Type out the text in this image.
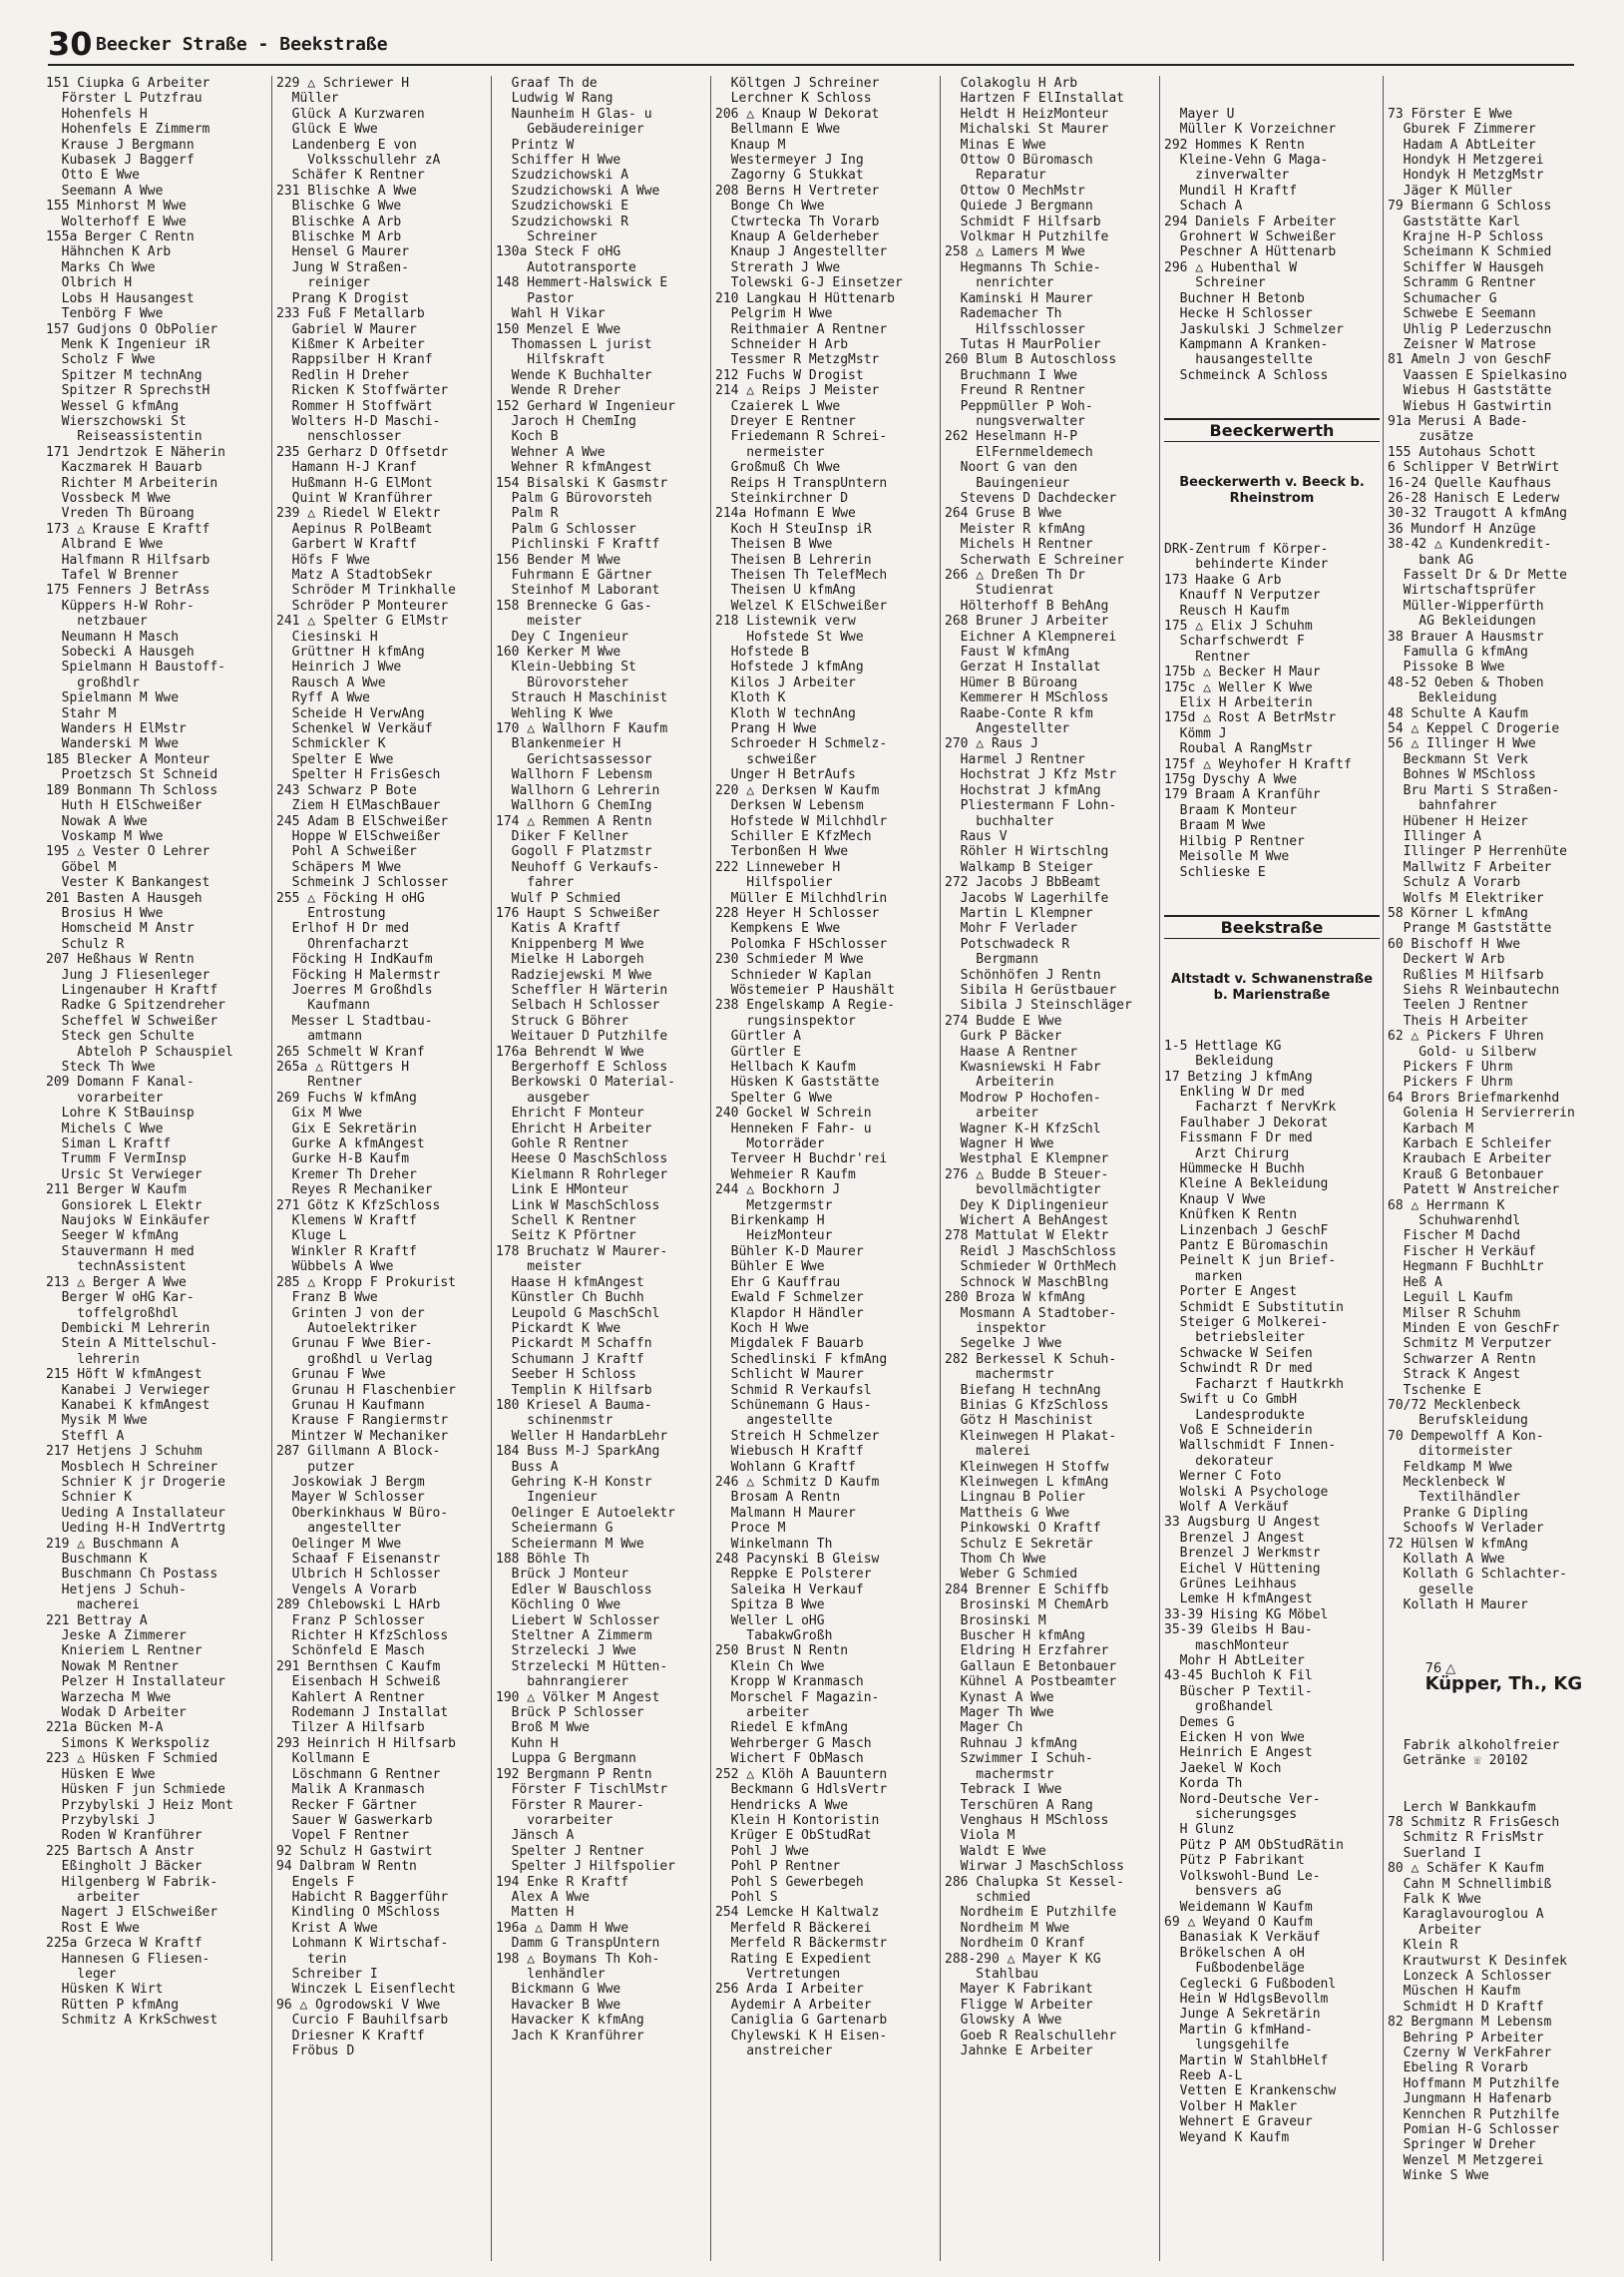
30 Beecker Straße - Beekstraße
151 Ciupka G Arbeiter
Förster L Putzfrau
Hohenfels H
Hohenfels E Zimmerm
Krause J Bergmann
Kubasek J Baggerf
Otto E Wwe
Seemann A Wwe
155 Minhorst M Wwe
Wolterhoff E Wwe
155a Berger C Rentn
Hähnchen K Arb
Marks Ch Wwe
Olbrich H
Lobs H Hausangest
Tenbörg F Wwe
157 Gudjons O ObPolier
Menk K Ingenieur iR
Scholz F Wwe
Spitzer M technAng
Spitzer R SprechstH
Wessel G kfmAng
Wierszchowski St
Reiseassistentin
171 Jendrtzok E Näherin
Kaczmarek H Bauarb
Richter M Arbeiterin
Vossbeck M Wwe
Vreden Th Büroang
173 △ Krause E Kraftf
Albrand E Wwe
Halfmann R Hilfsarb
Tafel W Brenner
175 Fenners J BetrAss
Küppers H-W Rohr-
netzbauer
Neumann H Masch
Sobecki A Hausgeh
Spielmann H Baustoff-
großhdlr
Spielmann M Wwe
Stahr M
Wanders H ElMstr
Wanderski M Wwe
185 Blecker A Monteur
Proetzsch St Schneid
189 Bonmann Th Schloss
Huth H ElSchweißer
Nowak A Wwe
Voskamp M Wwe
195 △ Vester O Lehrer
Göbel M
Vester K Bankangest
201 Basten A Hausgeh
Brosius H Wwe
Homscheid M Anstr
Schulz R
207 Heßhaus W Rentn
Jung J Fliesenleger
Lingenauber H Kraftf
Radke G Spitzendreher
Scheffel W Schweißer
Steck gen Schulte
Abteloh P Schauspiel
Steck Th Wwe
209 Domann F Kanal-
vorarbeiter
Lohre K StBauinsp
Michels C Wwe
Siman L Kraftf
Trumm F VermInsp
Ursic St Verwieger
211 Berger W Kaufm
Gonsiorek L Elektr
Naujoks W Einkäufer
Seeger W kfmAng
Stauvermann H med
technAssistent
213 △ Berger A Wwe
Berger W oHG Kar-
toffelgroßhdl
Dembicki M Lehrerin
Stein A Mittelschul-
lehrerin
215 Höft W kfmAngest
Kanabei J Verwieger
Kanabei K kfmAngest
Mysik M Wwe
Steffl A
217 Hetjens J Schuhm
Mosblech H Schreiner
Schnier K jr Drogerie
Schnier K
Ueding A Installateur
Ueding H-H IndVertrtg
219 △ Buschmann A
Buschmann K
Buschmann Ch Postass
Hetjens J Schuh-
macherei
221 Bettray A
Jeske A Zimmerer
Knieriem L Rentner
Nowak M Rentner
Pelzer H Installateur
Warzecha M Wwe
Wodak D Arbeiter
221a Bücken M-A
Simons K Werkspoliz
223 △ Hüsken F Schmied
Hüsken E Wwe
Hüsken F jun Schmiede
Przybylski J Heiz Mont
Przybylski J
Roden W Kranführer
225 Bartsch A Anstr
Eßingholt J Bäcker
Hilgenberg W Fabrik-
arbeiter
Nagert J ElSchweißer
Rost E Wwe
225a Grzeca W Kraftf
Hannesen G Fliesen-
leger
Hüsken K Wirt
Rütten P kfmAng
Schmitz A KrkSchwest
229 △ Schriewer H
Müller
Glück A Kurzwaren
Glück E Wwe
Landenberg E von
Volksschullehr zA
Schäfer K Rentner
231 Blischke A Wwe
Blischke G Wwe
Blischke A Arb
Blischke M Arb
Hensel G Maurer
Jung W Straßen-
reiniger
Prang K Drogist
233 Fuß F Metallarb
Gabriel W Maurer
Kißmer K Arbeiter
Rappsilber H Kranf
Redlin H Dreher
Ricken K Stoffwärter
Rommer H Stoffwärt
Wolters H-D Maschi-
nenschlosser
235 Gerharz D Offsetdr
Hamann H-J Kranf
Hußmann H-G ElMont
Quint W Kranführer
239 △ Riedel W Elektr
Aepinus R PolBeamt
Garbert W Kraftf
Höfs F Wwe
Matz A StadtobSekr
Schröder M Trinkhalle
Schröder P Monteurer
241 △ Spelter G ElMstr
Ciesinski H
Grüttner H kfmAng
Heinrich J Wwe
Rausch A Wwe
Ryff A Wwe
Scheide H VerwAng
Schenkel W Verkäuf
Schmickler K
Spelter E Wwe
Spelter H FrisGesch
243 Schwarz P Bote
Ziem H ElMaschBauer
245 Adam B ElSchweißer
Hoppe W ElSchweißer
Pohl A Schweißer
Schäpers M Wwe
Schmeink J Schlosser
255 △ Föcking H oHG
Entrostung
Erlhof H Dr med
Ohrenfacharzt
Föcking H IndKaufm
Föcking H Malermstr
Joerres M Großhdls
Kaufmann
Messer L Stadtbau-
amtmann
265 Schmelt W Kranf
265a △ Rüttgers H
Rentner
269 Fuchs W kfmAng
Gix M Wwe
Gix E Sekretärin
Gurke A kfmAngest
Gurke H-B Kaufm
Kremer Th Dreher
Reyes R Mechaniker
271 Götz K KfzSchloss
Klemens W Kraftf
Kluge L
Winkler R Kraftf
Wübbels A Wwe
285 △ Kropp F Prokurist
Franz B Wwe
Grinten J von der
Autoelektriker
Grunau F Wwe Bier-
großhdl u Verlag
Grunau F Wwe
Grunau H Flaschenbier
Grunau H Kaufmann
Krause F Rangiermstr
Mintzer W Mechaniker
287 Gillmann A Block-
putzer
Joskowiak J Bergm
Mayer W Schlosser
Oberkinkhaus W Büro-
angestellter
Oelinger M Wwe
Schaaf F Eisenanstr
Ulbrich H Schlosser
Vengels A Vorarb
289 Chlebowski L HArb
Franz P Schlosser
Richter H KfzSchloss
Schönfeld E Masch
291 Bernthsen C Kaufm
Eisenbach H Schweiß
Kahlert A Rentner
Rodemann J Installat
Tilzer A Hilfsarb
293 Heinrich H Hilfsarb
Kollmann E
Löschmann G Rentner
Malik A Kranmasch
Recker F Gärtner
Sauer W Gaswerkarb
Vopel F Rentner
92 Schulz H Gastwirt
94 Dalbram W Rentn
Engels F
Habicht R Baggerführ
Kindling O MSchloss
Krist A Wwe
Lohmann K Wirtschaf-
terin
Schreiber I
Winczek L Eisenflecht
96 △ Ogrodowski V Wwe
Curcio F Bauhilfsarb
Driesner K Kraftf
Fröbus D
Graaf Th de
Ludwig W Rang
Naunheim H Glas- u
Gebäudereiniger
Printz W
Schiffer H Wwe
Szudzichowski A
Szudzichowski A Wwe
Szudzichowski E
Szudzichowski R
Schreiner
130a Steck F oHG
Autotransporte
148 Hemmert-Halswick E
Pastor
Wahl H Vikar
150 Menzel E Wwe
Thomassen L jurist
Hilfskraft
Wende K Buchhalter
Wende R Dreher
152 Gerhard W Ingenieur
Jaroch H ChemIng
Koch B
Wehner A Wwe
Wehner R kfmAngest
154 Bisalski K Gasmstr
Palm G Bürovorsteh
Palm R
Palm G Schlosser
Pichlinski F Kraftf
156 Bender M Wwe
Fuhrmann E Gärtner
Steinhof M Laborant
158 Brennecke G Gas-
meister
Dey C Ingenieur
160 Kerker M Wwe
Klein-Uebbing St
Bürovorsteher
Strauch H Maschinist
Wehling K Wwe
170 △ Wallhorn F Kaufm
Blankenmeier H
Gerichtsassessor
Wallhorn F Lebensm
Wallhorn G Lehrerin
Wallhorn G ChemIng
174 △ Remmen A Rentn
Diker F Kellner
Gogoll F Platzmstr
Neuhoff G Verkaufs-
fahrer
Wulf P Schmied
176 Haupt S Schweißer
Katis A Kraftf
Knippenberg M Wwe
Mielke H Laborgeh
Radziejewski M Wwe
Scheffler H Wärterin
Selbach H Schlosser
Struck G Böhrer
Weitauer D Putzhilfe
176a Behrendt W Wwe
Bergerhoff E Schloss
Berkowski O Material-
ausgeber
Ehricht F Monteur
Ehricht H Arbeiter
Gohle R Rentner
Heese O MaschSchloss
Kielmann R Rohrleger
Link E HMonteur
Link W MaschSchloss
Schell K Rentner
Seitz K Pförtner
178 Bruchatz W Maurer-
meister
Haase H kfmAngest
Künstler Ch Buchh
Leupold G MaschSchl
Pickardt K Wwe
Pickardt M Schaffn
Schumann J Kraftf
Seeber H Schloss
Templin K Hilfsarb
180 Kriesel A Bauma-
schinenmstr
Weller H HandarbLehr
184 Buss M-J SparkAng
Buss A
Gehring K-H Konstr
Ingenieur
Oelinger E Autoelektr
Scheiermann G
Scheiermann M Wwe
188 Böhle Th
Brück J Monteur
Edler W Bauschloss
Köchling O Wwe
Liebert W Schlosser
Steltner A Zimmerm
Strzelecki J Wwe
Strzelecki M Hütten-
bahnrangierer
190 △ Völker M Angest
Brück P Schlosser
Broß M Wwe
Kuhn H
Luppa G Bergmann
192 Bergmann P Rentn
Förster F TischlMstr
Förster R Maurer-
vorarbeiter
Jänsch A
Spelter J Rentner
Spelter J Hilfspolier
194 Enke R Kraftf
Alex A Wwe
Matten H
196a △ Damm H Wwe
Damm G TranspUntern
198 △ Boymans Th Koh-
lenhändler
Bickmann G Wwe
Havacker B Wwe
Havacker K kfmAng
Jach K Kranführer
Költgen J Schreiner
Lerchner K Schloss
206 △ Knaup W Dekorat
Bellmann E Wwe
Knaup M
Westermeyer J Ing
Zagorny G Stukkat
208 Berns H Vertreter
Bonge Ch Wwe
Ctwrtecka Th Vorarb
Knaup A Gelderheber
Knaup J Angestellter
Strerath J Wwe
Tolewski G-J Einsetzer
210 Langkau H Hüttenarb
Pelgrim H Wwe
Reithmaier A Rentner
Schneider H Arb
Tessmer R MetzgMstr
212 Fuchs W Drogist
214 △ Reips J Meister
Czaierek L Wwe
Dreyer E Rentner
Friedemann R Schrei-
nermeister
Großmuß Ch Wwe
Reips H TranspUntern
Steinkirchner D
214a Hofmann E Wwe
Koch H SteuInsp iR
Theisen B Wwe
Theisen B Lehrerin
Theisen Th TelefMech
Theisen U kfmAng
Welzel K ElSchweißer
218 Listewnik verw
Hofstede St Wwe
Hofstede B
Hofstede J kfmAng
Kilos J Arbeiter
Kloth K
Kloth W technAng
Prang H Wwe
Schroeder H Schmelz-
schweißer
Unger H BetrAufs
220 △ Derksen W Kaufm
Derksen W Lebensm
Hofstede W Milchhdlr
Schiller E KfzMech
Terbonßen H Wwe
222 Linneweber H
Hilfspolier
Müller E Milchhdlrin
228 Heyer H Schlosser
Kempkens E Wwe
Polomka F HSchlosser
230 Schmieder M Wwe
Schnieder W Kaplan
Wöstemeier P Haushält
238 Engelskamp A Regie-
rungsinspektor
Gürtler A
Gürtler E
Hellbach K Kaufm
Hüsken K Gaststätte
Spelter G Wwe
240 Gockel W Schrein
Henneken F Fahr- u
Motorräder
Terveer H Buchdr'rei
Wehmeier R Kaufm
244 △ Bockhorn J
Metzgermstr
Birkenkamp H
HeizMonteur
Bühler K-D Maurer
Bühler E Wwe
Ehr G Kauffrau
Ewald F Schmelzer
Klapdor H Händler
Koch H Wwe
Migdalek F Bauarb
Schedlinski F kfmAng
Schlicht W Maurer
Schmid R Verkaufsl
Schünemann G Haus-
angestellte
Streich H Schmelzer
Wiebusch H Kraftf
Wohlann G Kraftf
246 △ Schmitz D Kaufm
Brosam A Rentn
Malmann H Maurer
Proce M
Winkelmann Th
248 Pacynski B Gleisw
Reppke E Polsterer
Saleika H Verkauf
Spitza B Wwe
Weller L oHG
TabakwGroßh
250 Brust N Rentn
Klein Ch Wwe
Kropp W Kranmasch
Morschel F Magazin-
arbeiter
Riedel E kfmAng
Wehrberger G Masch
Wichert F ObMasch
252 △ Klöh A Bauuntern
Beckmann G HdlsVertr
Hendricks A Wwe
Klein H Kontoristin
Krüger E ObStudRat
Pohl J Wwe
Pohl P Rentner
Pohl S Gewerbegeh
Pohl S
254 Lemcke H Kaltwalz
Merfeld R Bäckerei
Merfeld R Bäckermstr
Rating E Expedient
Vertretungen
256 Arda I Arbeiter
Aydemir A Arbeiter
Caniglia G Gartenarb
Chylewski K H Eisen-
anstreicher
Colakoglu H Arb
Hartzen F ElInstallat
Heldt H HeizMonteur
Michalski St Maurer
Minas E Wwe
Ottow O Büromasch
Reparatur
Ottow O MechMstr
Quiede J Bergmann
Schmidt F Hilfsarb
Volkmar H Putzhilfe
258 △ Lamers M Wwe
Hegmanns Th Schie-
nenrichter
Kaminski H Maurer
Rademacher Th
Hilfsschlosser
Tutas H MaurPolier
260 Blum B Autoschloss
Bruchmann I Wwe
Freund R Rentner
Peppmüller P Woh-
nungsverwalter
262 Heselmann H-P
ElFernmeldemech
Noort G van den
Bauingenieur
Stevens D Dachdecker
264 Gruse B Wwe
Meister R kfmAng
Michels H Rentner
Scherwath E Schreiner
266 △ Dreßen Th Dr
Studienrat
Hölterhoff B BehAng
268 Bruner J Arbeiter
Eichner A Klempnerei
Faust W kfmAng
Gerzat H Installat
Hümer B Büroang
Kemmerer H MSchloss
Raabe-Conte R kfm
Angestellter
270 △ Raus J
Harmel J Rentner
Hochstrat J Kfz Mstr
Hochstrat J kfmAng
Pliestermann F Lohn-
buchhalter
Raus V
Röhler H Wirtschlng
Walkamp B Steiger
272 Jacobs J BbBeamt
Jacobs W Lagerhilfe
Martin L Klempner
Mohr F Verlader
Potschwadeck R
Bergmann
Schönhöfen J Rentn
Sibila H Gerüstbauer
Sibila J Steinschläger
274 Budde E Wwe
Gurk P Bäcker
Haase A Rentner
Kwasniewski H Fabr
Arbeiterin
Modrow P Hochofen-
arbeiter
Wagner K-H KfzSchl
Wagner H Wwe
Westphal E Klempner
276 △ Budde B Steuer-
bevollmächtigter
Dey K Diplingenieur
Wichert A BehAngest
278 Mattulat W Elektr
Reidl J MaschSchloss
Schmieder W OrthMech
Schnock W MaschBlng
280 Broza W kfmAng
Mosmann A Stadtober-
inspektor
Segelke J Wwe
282 Berkessel K Schuh-
machermstr
Biefang H technAng
Binias G KfzSchloss
Götz H Maschinist
Kleinwegen H Plakat-
malerei
Kleinwegen H Stoffw
Kleinwegen L kfmAng
Lingnau B Polier
Mattheis G Wwe
Pinkowski O Kraftf
Schulz E Sekretär
Thom Ch Wwe
Weber G Schmied
284 Brenner E Schiffb
Brosinski M ChemArb
Brosinski M
Buscher H kfmAng
Eldring H Erzfahrer
Gallaun E Betonbauer
Kühnel A Postbeamter
Kynast A Wwe
Mager Th Wwe
Mager Ch
Ruhnau J kfmAng
Szwimmer I Schuh-
machermstr
Tebrack I Wwe
Terschüren A Rang
Venghaus H MSchloss
Viola M
Waldt E Wwe
Wirwar J MaschSchloss
286 Chalupka St Kessel-
schmied
Nordheim E Putzhilfe
Nordheim M Wwe
Nordheim O Kranf
288-290 △ Mayer K KG
Stahlbau
Mayer K Fabrikant
Fligge W Arbeiter
Glowsky A Wwe
Goeb R Realschullehr
Jahnke E Arbeiter

Mayer U
Müller K Vorzeichner
292 Hommes K Rentn
Kleine-Vehn G Maga-
zinverwalter
Mundil H Kraftf
Schach A
294 Daniels F Arbeiter
Grohnert W Schweißer
Peschner A Hüttenarb
296 △ Hubenthal W
Schreiner
Buchner H Betonb
Hecke H Schlosser
Jaskulski J Schmelzer
Kampmann A Kranken-
hausangestellte
Schmeinck A Schloss

Beeckerwerth

Beeckerwerth v. Beeck b. Rheinstrom

DRK-Zentrum f Körper-
behinderte Kinder
173 Haake G Arb
Knauff N Verputzer
Reusch H Kaufm
175 △ Elix J Schuhm
Scharfschwerdt F
Rentner
175b △ Becker H Maur
175c △ Weller K Wwe
Elix H Arbeiterin
175d △ Rost A BetrMstr
Kömm J
Roubal A RangMstr
175f △ Weyhofer H Kraftf
175g Dyschy A Wwe
179 Braam A Kranführ
Braam K Monteur
Braam M Wwe
Hilbig P Rentner
Meisolle M Wwe
Schlieske E

Beekstraße

Altstadt v. Schwanenstraße b. Marienstraße

1-5 Hettlage KG
Bekleidung
17 Betzing J kfmAng
Enkling W Dr med
Facharzt f NervKrk
Faulhaber J Dekorat
Fissmann F Dr med
Arzt Chirurg
Hümmecke H Buchh
Kleine A Bekleidung
Knaup V Wwe
Knüfken K Rentn
Linzenbach J GeschF
Pantz E Büromaschin
Peinelt K jun Brief-
marken
Porter E Angest
Schmidt E Substitutin
Steiger G Molkerei-
betriebsleiter
Schwacke W Seifen
Schwindt R Dr med
Facharzt f Hautkrkh
Swift u Co GmbH
Landesprodukte
Voß E Schneiderin
Wallschmidt F Innen-
dekorateur
Werner C Foto
Wolski A Psychologe
Wolf A Verkäuf
33 Augsburg U Angest
Brenzel J Angest
Brenzel J Werkmstr
Eichel V Hüttening
Grünes Leihhaus
Lemke H kfmAngest
33-39 Hising KG Möbel
35-39 Gleibs H Bau-
maschMonteur
Mohr H AbtLeiter
43-45 Buchloh K Fil
Büscher P Textil-
großhandel
Demes G
Eicken H von Wwe
Heinrich E Angest
Jaekel W Koch
Korda Th
Nord-Deutsche Ver-
sicherungsges
H Glunz
Pütz P AM ObStudRätin
Pütz P Fabrikant
Volkswohl-Bund Le-
bensvers aG
Weidemann W Kaufm
69 △ Weyand O Kaufm
Banasiak K Verkäuf
Brökelschen A oH
Fußbodenbeläge
Ceglecki G Fußbodenl
Hein W HdlgsBevollm
Junge A Sekretärin
Martin G kfmHand-
lungsgehilfe
Martin W StahlbHelf
Reeb A-L
Vetten E Krankenschw
Volber H Makler
Wehnert E Graveur
Weyand K Kaufm

73 Förster E Wwe
Gburek F Zimmerer
Hadam A AbtLeiter
Hondyk H Metzgerei
Hondyk H MetzgMstr
Jäger K Müller
79 Biermann G Schloss
Gaststätte Karl
Krajne H-P Schloss
Scheimann K Schmied
Schiffer W Hausgeh
Schramm G Rentner
Schumacher G
Schwebe E Seemann
Uhlig P Lederzuschn
Zeisner W Matrose
81 Ameln J von GeschF
Vaassen E Spielkasino
Wiebus H Gaststätte
Wiebus H Gastwirtin
91a Merusi A Bade-
zusätze
155 Autohaus Schott
6 Schlipper V BetrWirt
16-24 Quelle Kaufhaus
26-28 Hanisch E Lederw
30-32 Traugott A kfmAng
36 Mundorf H Anzüge
38-42 △ Kundenkredit-
bank AG
Fasselt Dr & Dr Mette
Wirtschaftsprüfer
Müller-Wipperfürth
AG Bekleidungen
38 Brauer A Hausmstr
Famulla G kfmAng
Pissoke B Wwe
48-52 Oeben & Thoben
Bekleidung
48 Schulte A Kaufm
54 △ Keppel C Drogerie
56 △ Illinger H Wwe
Beckmann St Verk
Bohnes W MSchloss
Bru Marti S Straßen-
bahnfahrer
Hübener H Heizer
Illinger A
Illinger P Herrenhüte
Mallwitz F Arbeiter
Schulz A Vorarb
Wolfs M Elektriker
58 Körner L kfmAng
Prange M Gaststätte
60 Bischoff H Wwe
Deckert W Arb
Rußlies M Hilfsarb
Siehs R Weinbautechn
Teelen J Rentner
Theis H Arbeiter
62 △ Pickers F Uhren
Gold- u Silberw
Pickers F Uhrm
Pickers F Uhrm
64 Brors Briefmarkenhd
Golenia H Servierrerin
Karbach M
Karbach E Schleifer
Kraubach E Arbeiter
Krauß G Betonbauer
Patett W Anstreicher
68 △ Herrmann K
Schuhwarenhdl
Fischer M Dachd
Fischer H Verkäuf
Hegmann F BuchhLtr
Heß A
Leguil L Kaufm
Milser R Schuhm
Minden E von GeschFr
Schmitz M Verputzer
Schwarzer A Rentn
Strack K Angest
Tschenke E
70/72 Mecklenbeck
Berufskleidung
70 Dempewolff A Kon-
ditormeister
Feldkamp M Wwe
Mecklenbeck W
Textilhändler
Pranke G Dipling
Schoofs W Verlader
72 Hülsen W kfmAng
Kollath A Wwe
Kollath G Schlachter-
geselle
Kollath H Maurer

76 △
Küpper, Th., KG

Fabrik alkoholfreier
Getränke ☏ 20102

Lerch W Bankkaufm
78 Schmitz R FrisGesch
Schmitz R FrisMstr
Suerland I
80 △ Schäfer K Kaufm
Cahn M Schnellimbiß
Falk K Wwe
Karaglavouroglou A
Arbeiter
Klein R
Krautwurst K Desinfek
Lonzeck A Schlosser
Müschen H Kaufm
Schmidt H D Kraftf
82 Bergmann M Lebensm
Behring P Arbeiter
Czerny W VerkFahrer
Ebeling R Vorarb
Hoffmann M Putzhilfe
Jungmann H Hafenarb
Kennchen R Putzhilfe
Pomian H-G Schlosser
Springer W Dreher
Wenzel M Metzgerei
Winke S Wwe
